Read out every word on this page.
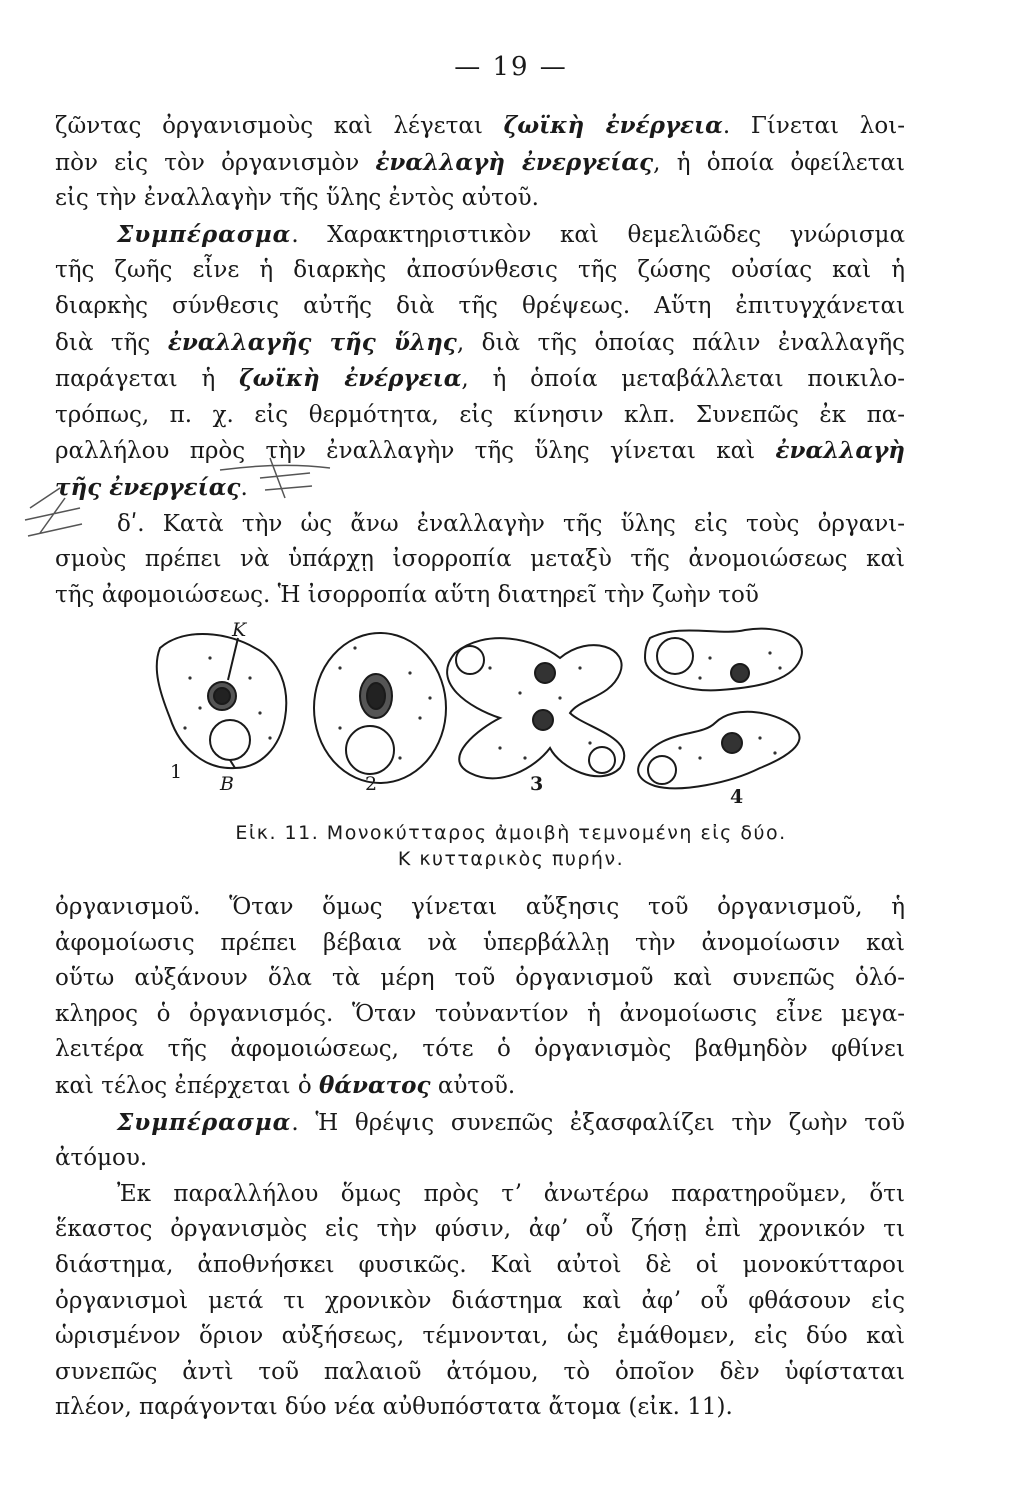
— 19 —

ζῶντας ὀργανισμοὺς καὶ λέγεται ζωϊκὴ ἐνέργεια. Γίνεται λοι-

πὸν εἰς τὸν ὀργανισμὸν ἐναλλαγὴ ἐνεργείας, ἡ ὁποία ὀφείλεται

εἰς τὴν ἐναλλαγὴν τῆς ὕλης ἐντὸς αὐτοῦ.

Συμπέρασμα. Χαρακτηριστικὸν καὶ θεμελιῶδες γνώρισμα

τῆς ζωῆς εἶνε ἡ διαρκὴς ἀποσύνθεσις τῆς ζώσης οὐσίας καὶ ἡ

διαρκὴς σύνθεσις αὐτῆς διὰ τῆς θρέψεως. Αὕτη ἐπιτυγχάνεται

διὰ τῆς ἐναλλαγῆς τῆς ὕλης, διὰ τῆς ὁποίας πάλιν ἐναλλαγῆς

παράγεται ἡ ζωϊκὴ ἐνέργεια, ἡ ὁποία μεταβάλλεται ποικιλο-

τρόπως, π. χ. εἰς θερμότητα, εἰς κίνησιν κλπ. Συνεπῶς ἐκ πα-

ραλλήλου πρὸς τὴν ἐναλλαγὴν τῆς ὕλης γίνεται καὶ ἐναλλαγὴ

τῆς ἐνεργείας.

δʹ. Κατὰ τὴν ὡς ἄνω ἐναλλαγὴν τῆς ὕλης εἰς τοὺς ὀργανι-

σμοὺς πρέπει νὰ ὑπάρχῃ ἰσορροπία μεταξὺ τῆς ἀνομοιώσεως καὶ

τῆς ἀφομοιώσεως. Ἡ ἰσορροπία αὕτη διατηρεῖ τὴν ζωὴν τοῦ

K
B
1
2	3
4
Εἰκ. 11. Μονοκύτταρος ἀμοιβὴ τεμνομένη εἰς δύο.
Κ κυτταρικὸς πυρήν.

ὀργανισμοῦ. Ὅταν ὅμως γίνεται αὔξησις τοῦ ὀργανισμοῦ, ἡ

ἀφομοίωσις πρέπει βέβαια νὰ ὑπερβάλλῃ τὴν ἀνομοίωσιν καὶ

οὕτω αὐξάνουν ὅλα τὰ μέρη τοῦ ὀργανισμοῦ καὶ συνεπῶς ὁλό-

κληρος ὁ ὀργανισμός. Ὅταν τοὐναντίον ἡ ἀνομοίωσις εἶνε μεγα-

λειτέρα τῆς ἀφομοιώσεως, τότε ὁ ὀργανισμὸς βαθμηδὸν φθίνει

καὶ τέλος ἐπέρχεται ὁ θάνατος αὐτοῦ.

Συμπέρασμα. Ἡ θρέψις συνεπῶς ἐξασφαλίζει τὴν ζωὴν τοῦ

ἀτόμου.

Ἐκ παραλλήλου ὅμως πρὸς τʼ ἀνωτέρω παρατηροῦμεν, ὅτι

ἕκαστος ὀργανισμὸς εἰς τὴν φύσιν, ἀφʼ οὗ ζήσῃ ἐπὶ χρονικόν τι

διάστημα, ἀποθνήσκει φυσικῶς. Καὶ αὐτοὶ δὲ οἱ μονοκύτταροι

ὀργανισμοὶ μετά τι χρονικὸν διάστημα καὶ ἀφʼ οὗ φθάσουν εἰς

ὡρισμένον ὅριον αὐξήσεως, τέμνονται, ὡς ἐμάθομεν, εἰς δύο καὶ

συνεπῶς ἀντὶ τοῦ παλαιοῦ ἀτόμου, τὸ ὁποῖον δὲν ὑφίσταται

πλέον, παράγονται δύο νέα αὐθυπόστατα ἄτομα (εἰκ. 11).
